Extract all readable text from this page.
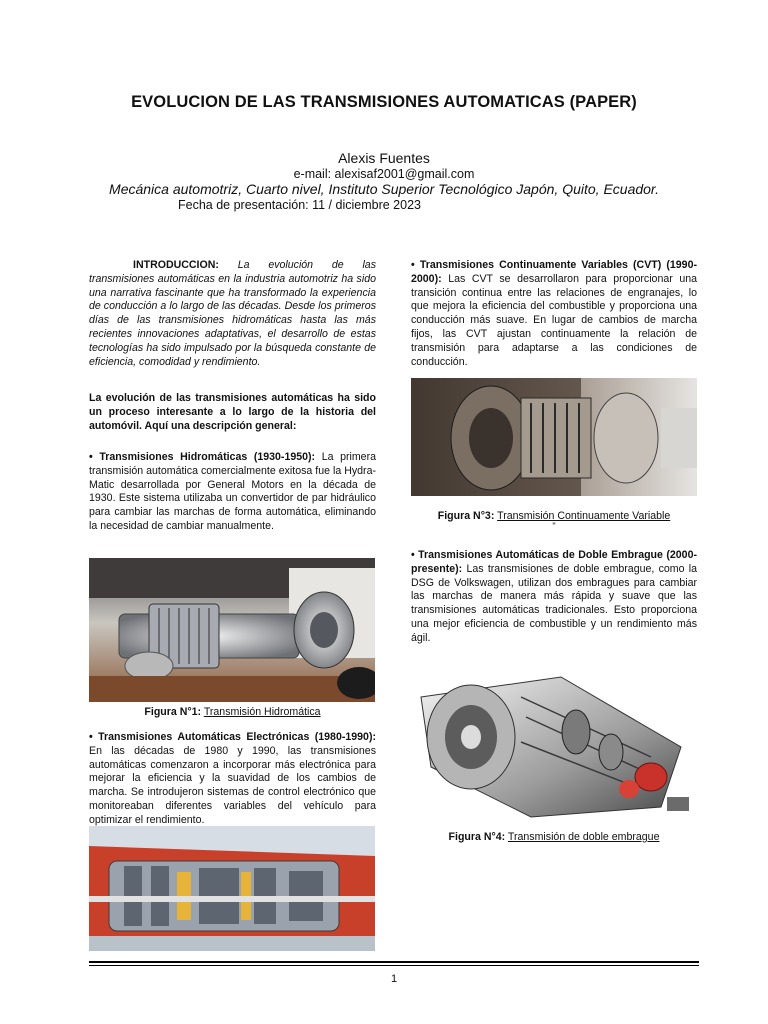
EVOLUCION DE LAS TRANSMISIONES AUTOMATICAS (PAPER)
Alexis Fuentes
e-mail: alexisaf2001@gmail.com
Mecánica automotriz, Cuarto nivel, Instituto Superior Tecnológico Japón, Quito, Ecuador.
Fecha de presentación: 11 / diciembre 2023

INTRODUCCION: La evolución de las transmisiones automáticas en la industria automotriz ha sido una narrativa fascinante que ha transformado la experiencia de conducción a lo largo de las décadas. Desde los primeros días de las transmisiones hidromáticas hasta las más recientes innovaciones adaptativas, el desarrollo de estas tecnologías ha sido impulsado por la búsqueda constante de eficiencia, comodidad y rendimiento.

La evolución de las transmisiones automáticas ha sido un proceso interesante a lo largo de la historia del automóvil. Aquí una descripción general:

• Transmisiones Hidromáticas (1930-1950): La primera transmisión automática comercialmente exitosa fue la Hydra-Matic desarrollada por General Motors en la década de 1930. Este sistema utilizaba un convertidor de par hidráulico para cambiar las marchas de forma automática, eliminando la necesidad de cambiar manualmente.

Figura N°1: Transmisión Hidromática

• Transmisiones Automáticas Electrónicas (1980-1990): En las décadas de 1980 y 1990, las transmisiones automáticas comenzaron a incorporar más electrónica para mejorar la eficiencia y la suavidad de los cambios de marcha. Se introdujeron sistemas de control electrónico que monitoreaban diferentes variables del vehículo para optimizar el rendimiento.

• Transmisiones Continuamente Variables (CVT) (1990-2000): Las CVT se desarrollaron para proporcionar una transición continua entre las relaciones de engranajes, lo que mejora la eficiencia del combustible y proporciona una conducción más suave. En lugar de cambios de marcha fijos, las CVT ajustan continuamente la relación de transmisión para adaptarse a las condiciones de conducción.

Figura N°3: Transmisión Continuamente Variable
"

• Transmisiones Automáticas de Doble Embrague (2000-presente): Las transmisiones de doble embrague, como la DSG de Volkswagen, utilizan dos embragues para cambiar las marchas de manera más rápida y suave que las transmisiones automáticas tradicionales. Esto proporciona una mejor eficiencia de combustible y un rendimiento más ágil.

Figura N°4: Transmisión de doble embrague
1
